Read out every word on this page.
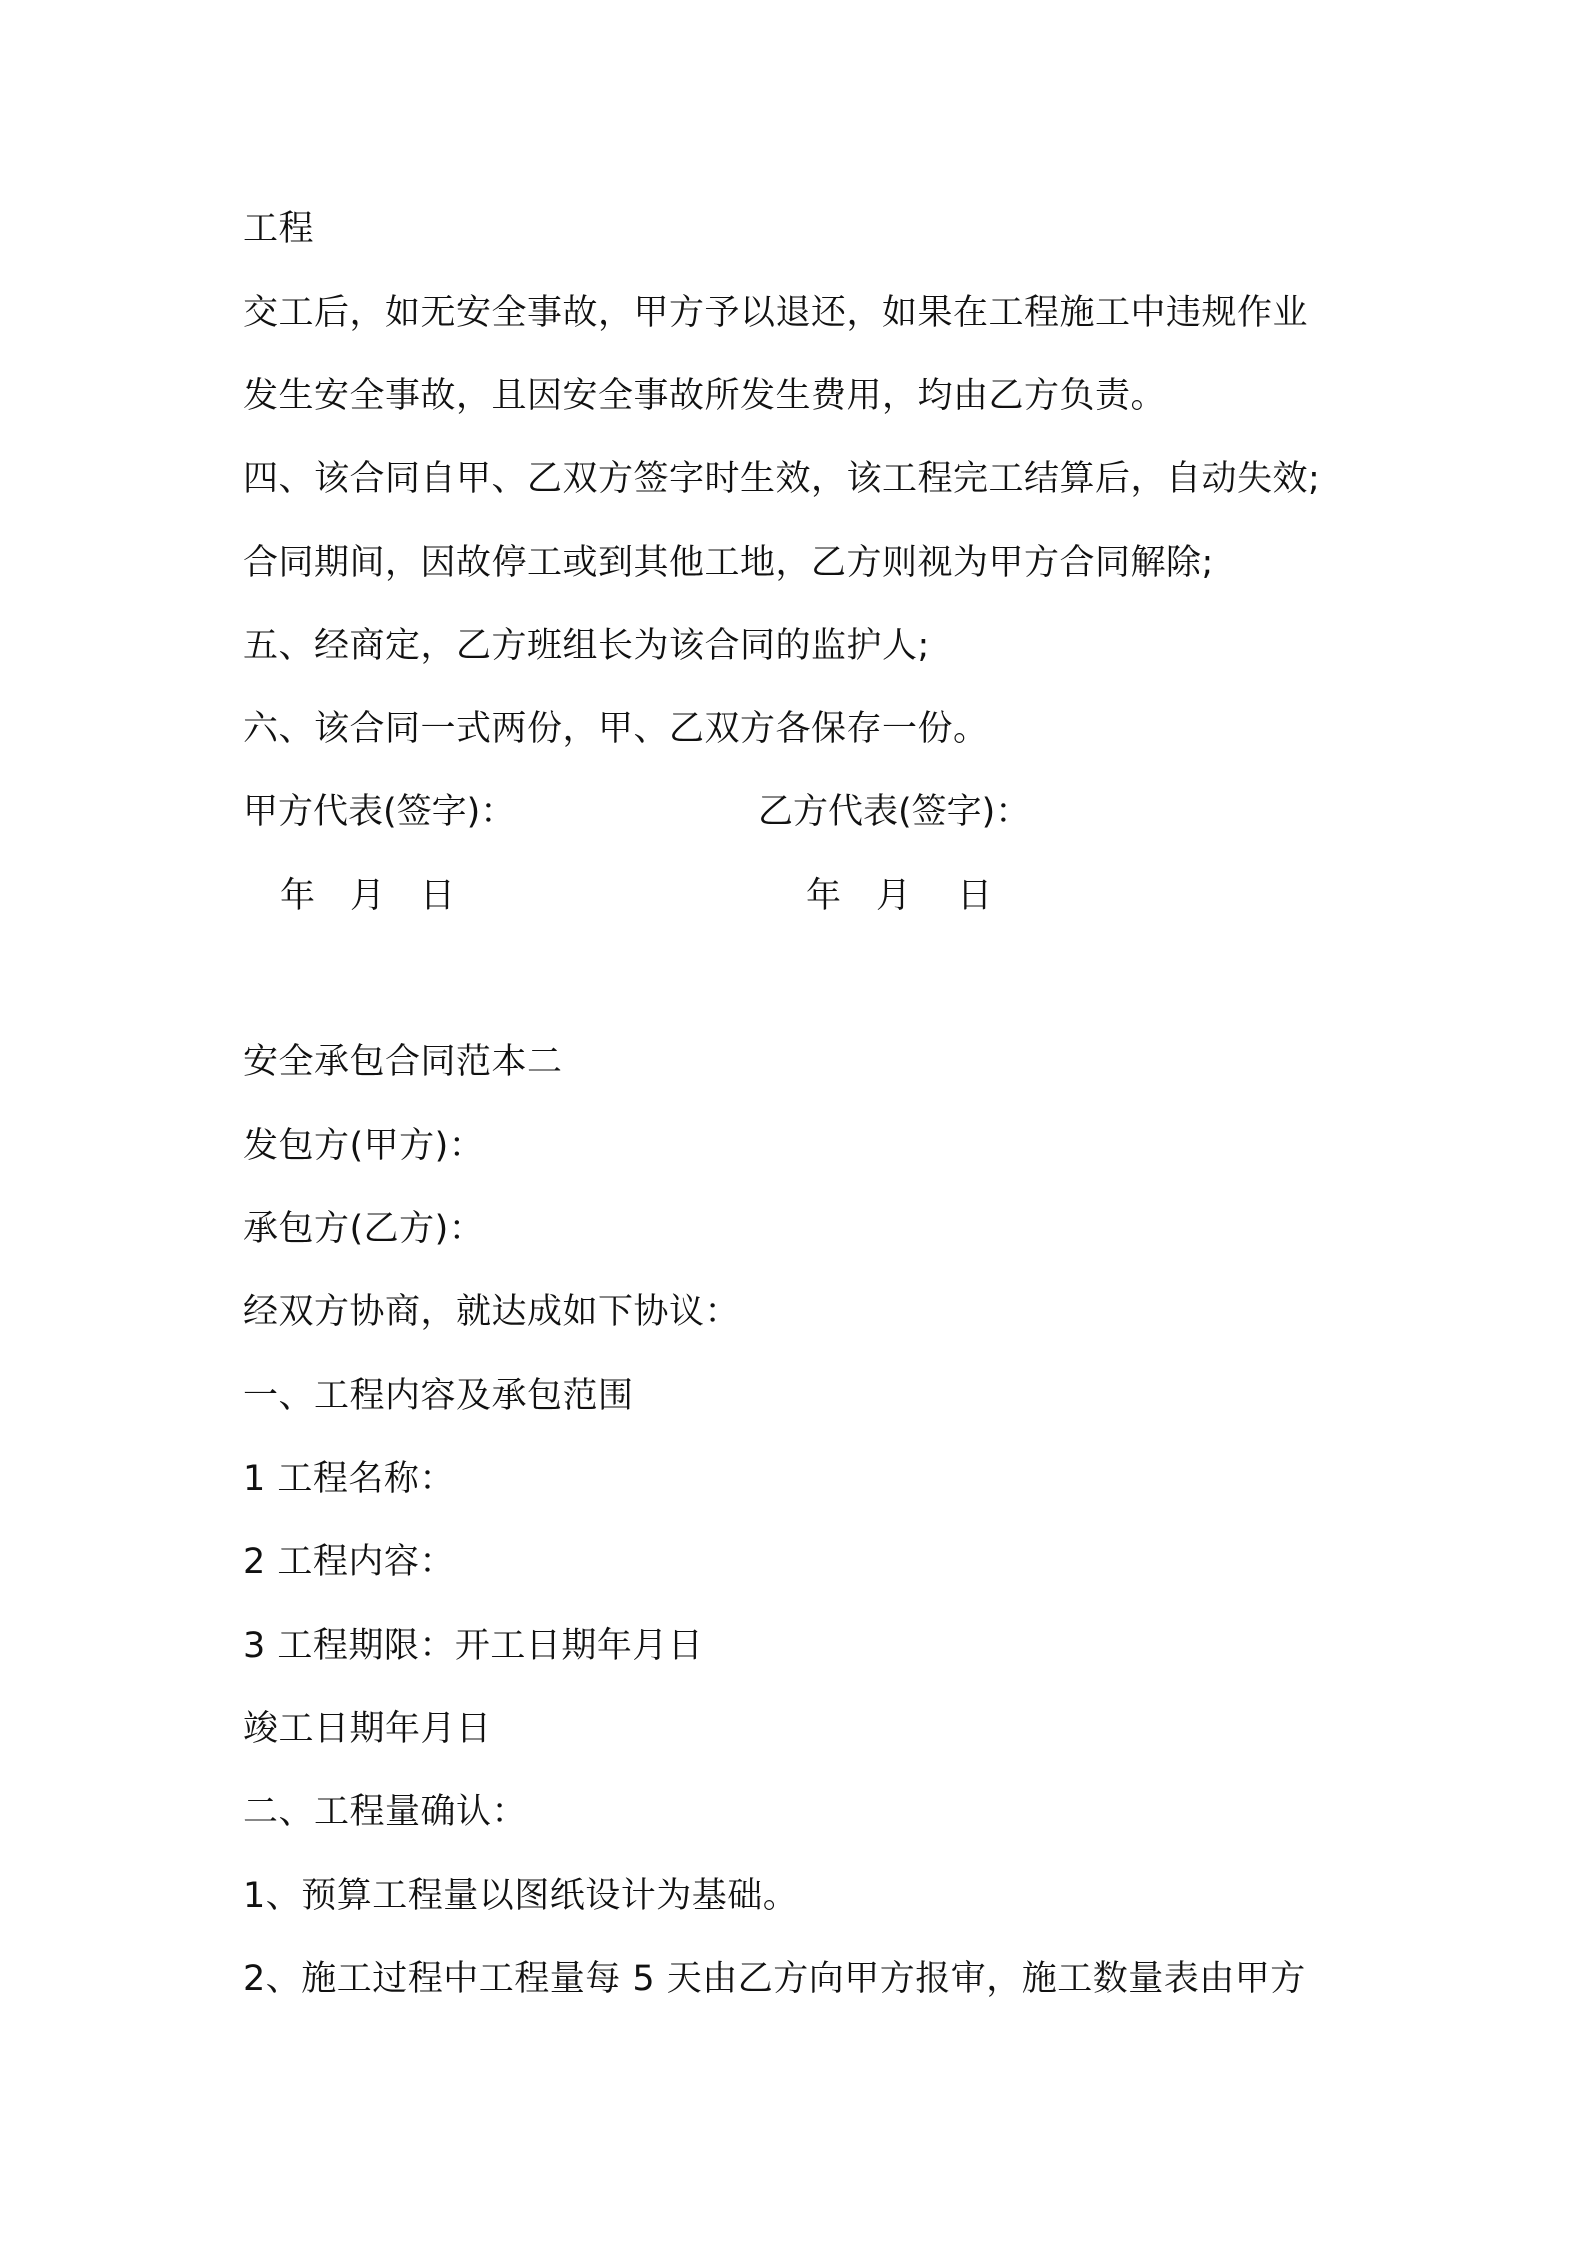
工程
交工后，如无安全事故，甲方予以退还，如果在工程施工中违规作业
发生安全事故，且因安全事故所发生费用，均由乙方负责。
四、该合同自甲、乙双方签字时生效，该工程完工结算后，自动失效;
合同期间，因故停工或到其他工地，乙方则视为甲方合同解除;
五、经商定，乙方班组长为该合同的监护人;
六、该合同一式两份，甲、乙双方各保存一份。
甲方代表(签字)：	乙方代表(签字)：
年　月　日	年　月　 日
安全承包合同范本二
发包方(甲方)：
承包方(乙方)：
经双方协商，就达成如下协议：
一、工程内容及承包范围
1 工程名称：
2 工程内容：
3 工程期限：开工日期年月日
竣工日期年月日
二、工程量确认：
1、预算工程量以图纸设计为基础。
2、施工过程中工程量每 5 天由乙方向甲方报审，施工数量表由甲方
